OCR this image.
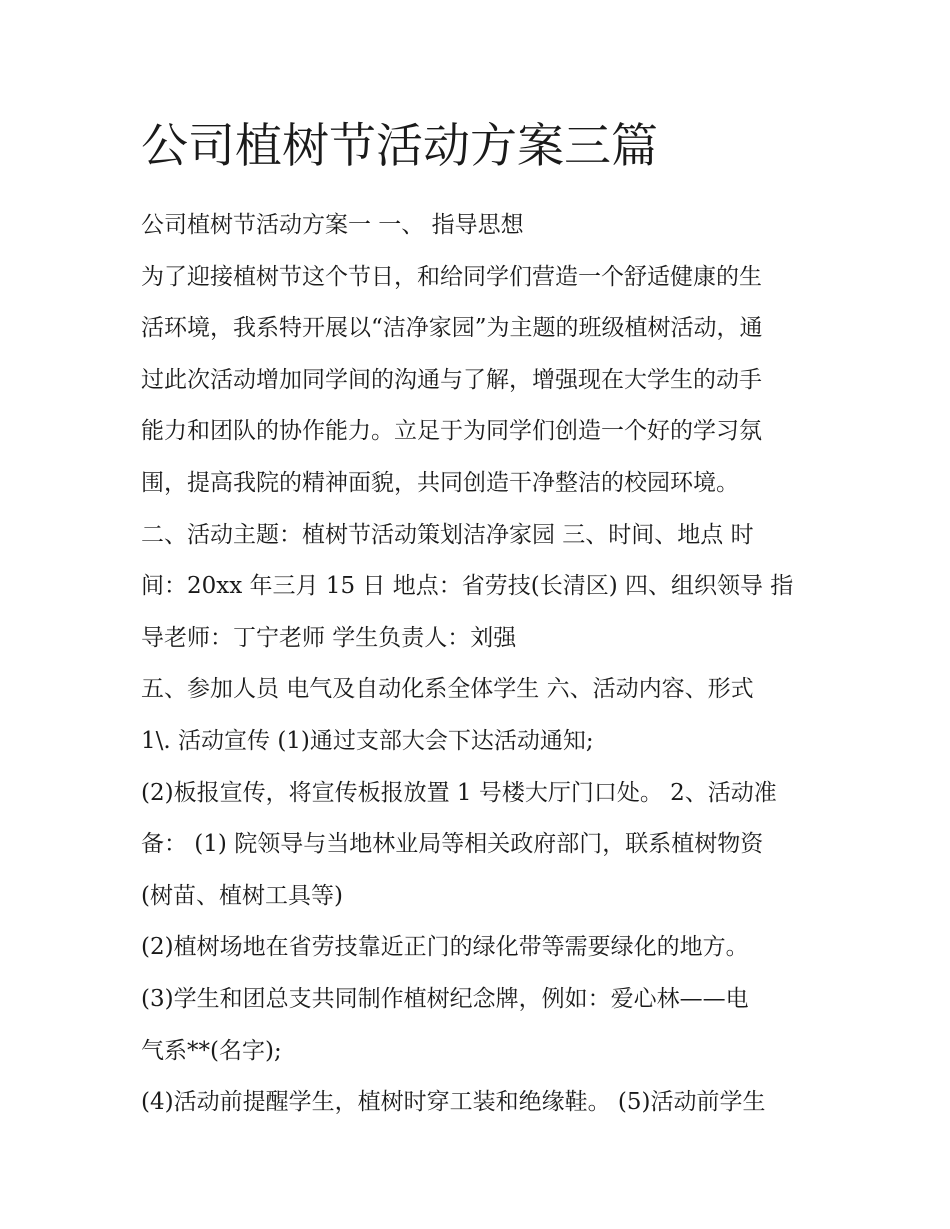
公司植树节活动方案三篇
公司植树节活动方案一 一、 指导思想
为了迎接植树节这个节日，和给同学们营造一个舒适健康的生
活环境，我系特开展以“洁净家园”为主题的班级植树活动，通
过此次活动增加同学间的沟通与了解，增强现在大学生的动手
能力和团队的协作能力。立足于为同学们创造一个好的学习氛
围，提高我院的精神面貌，共同创造干净整洁的校园环境。
二、活动主题：植树节活动策划洁净家园 三、时间、地点 时
间：20xx 年三月 15 日 地点：省劳技(长清区) 四、组织领导 指
导老师：丁宁老师 学生负责人：刘强
五、参加人员 电气及自动化系全体学生 六、活动内容、形式
1\. 活动宣传 (1)通过支部大会下达活动通知;
(2)板报宣传，将宣传板报放置 1 号楼大厅门口处。 2、活动准
备： (1) 院领导与当地林业局等相关政府部门，联系植树物资
(树苗、植树工具等)
(2)植树场地在省劳技靠近正门的绿化带等需要绿化的地方。
(3)学生和团总支共同制作植树纪念牌，例如：爱心林——电
气系**(名字);
(4)活动前提醒学生，植树时穿工装和绝缘鞋。 (5)活动前学生
